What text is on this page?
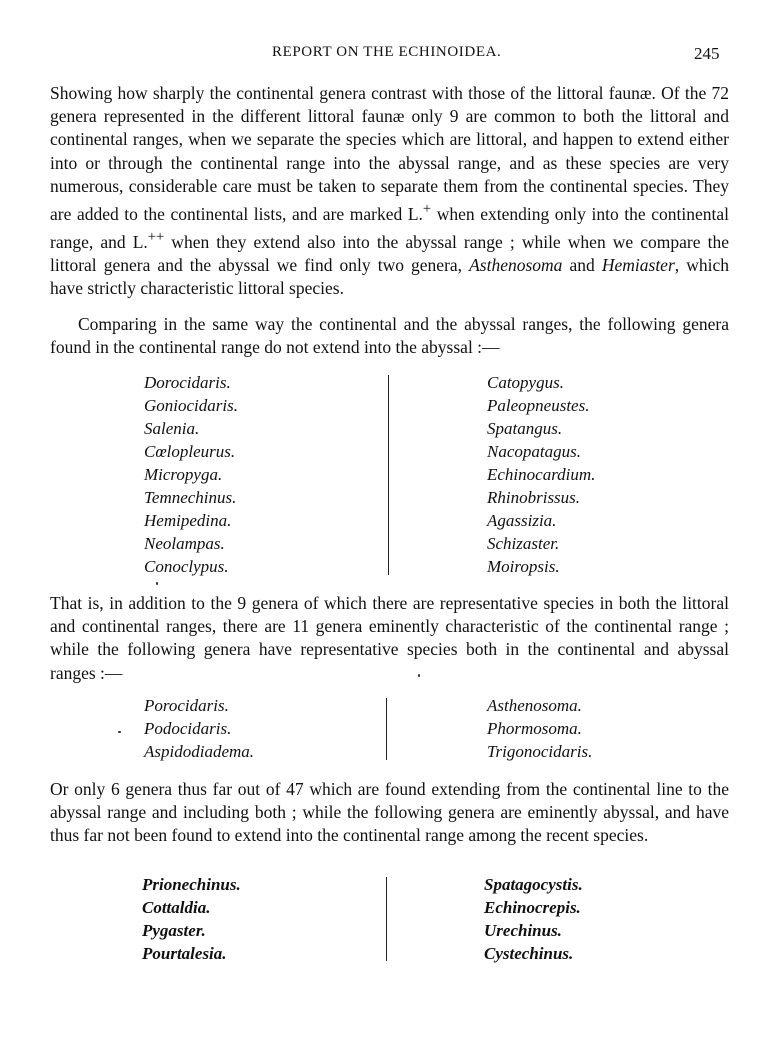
REPORT ON THE ECHINOIDEA.	245

Showing how sharply the continental genera contrast with those of the littoral faunæ. Of the 72 genera represented in the different littoral faunæ only 9 are common to both the littoral and continental ranges, when we separate the species which are littoral, and happen to extend either into or through the continental range into the abyssal range, and as these species are very numerous, considerable care must be taken to separate them from the continental species. They are added to the continental lists, and are marked L.+ when extending only into the continental range, and L.++ when they extend also into the abyssal range ; while when we compare the littoral genera and the abyssal we find only two genera, Asthenosoma and Hemiaster, which have strictly characteristic littoral species.

Comparing in the same way the continental and the abyssal ranges, the following genera found in the continental range do not extend into the abyssal :—

Dorocidaris.
Goniocidaris.
Salenia.
Cœlopleurus.
Micropyga.
Temnechinus.
Hemipedina.
Neolampas.
Conoclypus.
Catopygus.
Paleopneustes.
Spatangus.
Nacopatagus.
Echinocardium.
Rhinobrissus.
Agassizia.
Schizaster.
Moiropsis.

That is, in addition to the 9 genera of which there are representative species in both the littoral and continental ranges, there are 11 genera eminently characteristic of the continental range ; while the following genera have representative species both in the continental and abyssal ranges :—

Porocidaris.
Podocidaris.
Aspidodiadema.
Asthenosoma.
Phormosoma.
Trigonocidaris.

Or only 6 genera thus far out of 47 which are found extending from the continental line to the abyssal range and including both ; while the following genera are eminently abyssal, and have thus far not been found to extend into the continental range among the recent species.

Prionechinus.
Cottaldia.
Pygaster.
Pourtalesia.
Spatagocystis.
Echinocrepis.
Urechinus.
Cystechinus.
